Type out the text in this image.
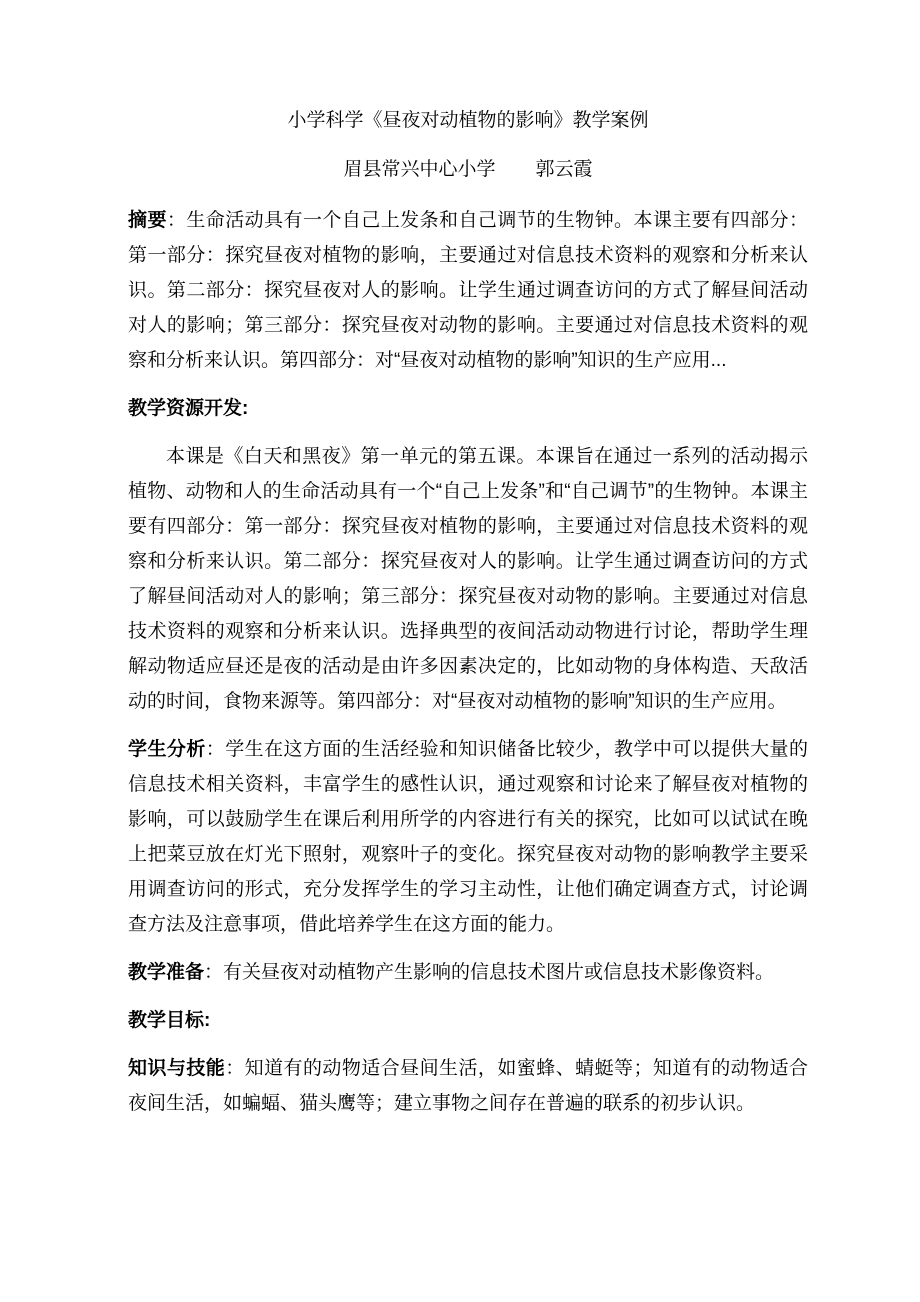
小学科学《昼夜对动植物的影响》教学案例

眉县常兴中心小学 郭云霞

摘要：生命活动具有一个自己上发条和自己调节的生物钟。本课主要有四部分：第一部分：探究昼夜对植物的影响，主要通过对信息技术资料的观察和分析来认识。第二部分：探究昼夜对人的影响。让学生通过调查访问的方式了解昼间活动对人的影响；第三部分：探究昼夜对动物的影响。主要通过对信息技术资料的观察和分析来认识。第四部分：对“昼夜对动植物的影响”知识的生产应用...

教学资源开发:

本课是《白天和黑夜》第一单元的第五课。本课旨在通过一系列的活动揭示植物、动物和人的生命活动具有一个“自己上发条”和“自己调节”的生物钟。本课主要有四部分：第一部分：探究昼夜对植物的影响，主要通过对信息技术资料的观察和分析来认识。第二部分：探究昼夜对人的影响。让学生通过调查访问的方式了解昼间活动对人的影响；第三部分：探究昼夜对动物的影响。主要通过对信息技术资料的观察和分析来认识。选择典型的夜间活动动物进行讨论，帮助学生理解动物适应昼还是夜的活动是由许多因素决定的，比如动物的身体构造、天敌活动的时间，食物来源等。第四部分：对“昼夜对动植物的影响”知识的生产应用。

学生分析：学生在这方面的生活经验和知识储备比较少，教学中可以提供大量的信息技术相关资料，丰富学生的感性认识，通过观察和讨论来了解昼夜对植物的影响，可以鼓励学生在课后利用所学的内容进行有关的探究，比如可以试试在晚上把菜豆放在灯光下照射，观察叶子的变化。探究昼夜对动物的影响教学主要采用调查访问的形式，充分发挥学生的学习主动性，让他们确定调查方式，讨论调查方法及注意事项，借此培养学生在这方面的能力。

教学准备：有关昼夜对动植物产生影响的信息技术图片或信息技术影像资料。

教学目标:

知识与技能：知道有的动物适合昼间生活，如蜜蜂、蜻蜓等；知道有的动物适合夜间生活，如蝙蝠、猫头鹰等；建立事物之间存在普遍的联系的初步认识。
